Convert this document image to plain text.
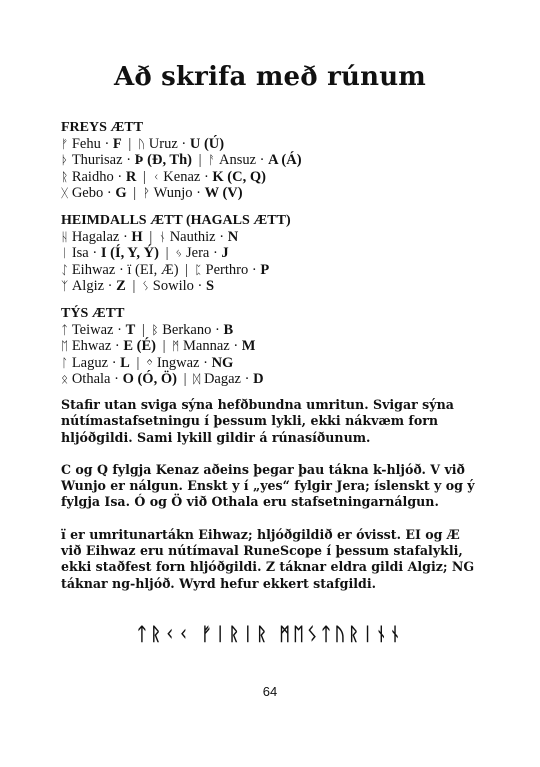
Að skrifa með rúnum
FREYS ÆTT
ᚠ Fehu · F | ᚢ Uruz · U (Ú)
ᚦ Thurisaz · Þ (Ð, Th) | ᚨ Ansuz · A (Á)
ᚱ Raidho · R | ᚲ Kenaz · K (C, Q)
ᚷ Gebo · G | ᚹ Wunjo · W (V)
HEIMDALLS ÆTT (HAGALS ÆTT)
ᚺ Hagalaz · H | ᚾ Nauthiz · N
ᛁ Isa · I (Í, Y, Ý) | ᛃ Jera · J
ᛇ Eihwaz · ï (EI, Æ) | ᛈ Perthro · P
ᛉ Algiz · Z | ᛊ Sowilo · S
TÝS ÆTT
ᛏ Teiwaz · T | ᛒ Berkano · B
ᛖ Ehwaz · E (É) | ᛗ Mannaz · M
ᛚ Laguz · L | ᛜ Ingwaz · NG
ᛟ Othala · O (Ó, Ö) | ᛞ Dagaz · D

Stafir utan sviga sýna hefðbundna umritun. Svigar sýna nútímastafsetningu í þessum lykli, ekki nákvæm forn hljóðgildi. Sami lykill gildir á rúnasíðunum.

C og Q fylgja Kenaz aðeins þegar þau tákna k-hljóð. V við Wunjo er nálgun. Enskt y í „yes“ fylgir Jera; íslenskt y og ý fylgja Isa. Ó og Ö við Othala eru stafsetningarnálgun.

ï er umritunartákn Eihwaz; hljóðgildið er óvisst. EI og Æ við Eihwaz eru nútímaval RuneScope í þessum stafalykli, ekki staðfest forn hljóðgildi. Z táknar eldra gildi Algiz; NG táknar ng-hljóð. Wyrd hefur ekkert stafgildi.

ᛏᚱᚲᚲ ᚠᛁᚱᛁᚱ ᛗᛖᛊᛏᚢᚱᛁᚾᚾ
64
